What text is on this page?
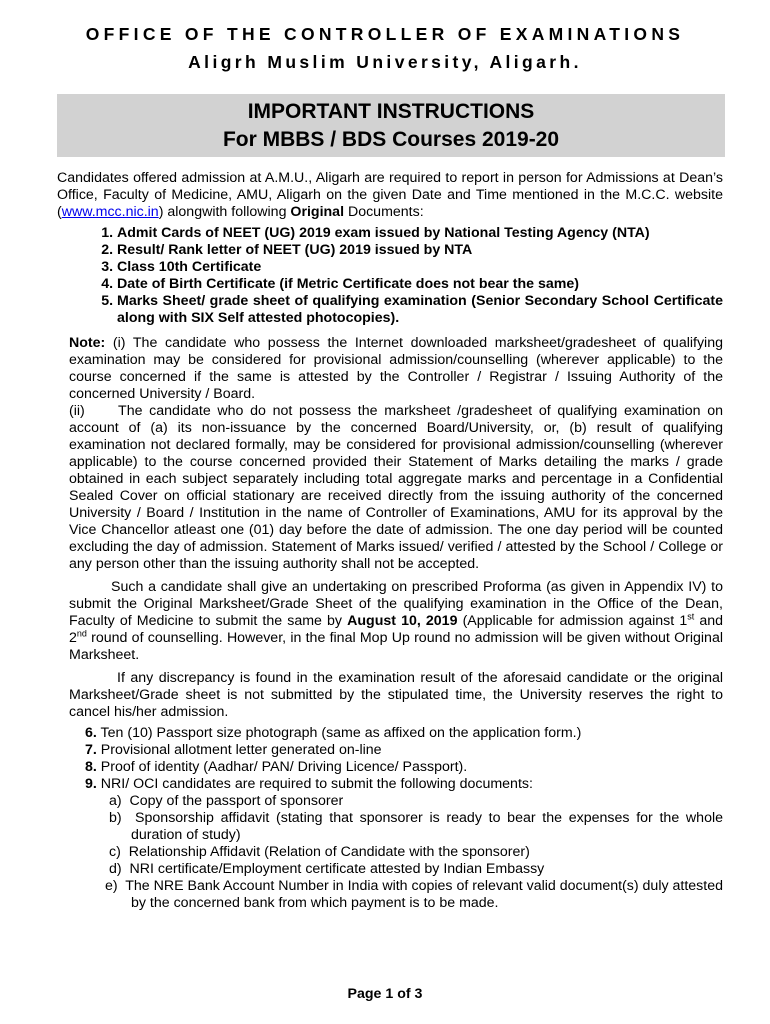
OFFICE OF THE CONTROLLER OF EXAMINATIONS
Aligrh Muslim University, Aligarh.
IMPORTANT INSTRUCTIONS
For MBBS / BDS Courses 2019-20

Candidates offered admission at A.M.U., Aligarh are required to report in person for Admissions at Dean’s Office, Faculty of Medicine, AMU, Aligarh on the given Date and Time mentioned in the M.C.C. website (www.mcc.nic.in) alongwith following Original Documents:

1. Admit Cards of NEET (UG) 2019 exam issued by National Testing Agency (NTA)
2. Result/ Rank letter of NEET (UG) 2019 issued by NTA
3. Class 10th Certificate
4. Date of Birth Certificate (if Metric Certificate does not bear the same)
5. Marks Sheet/ grade sheet of qualifying examination (Senior Secondary School Certificate along with SIX Self attested photocopies).

Note: (i) The candidate who possess the Internet downloaded marksheet/gradesheet of qualifying examination may be considered for provisional admission/counselling (wherever applicable) to the course concerned if the same is attested by the Controller / Registrar / Issuing Authority of the concerned University / Board.

(ii)     The candidate who do not possess the marksheet /gradesheet of qualifying examination on account of (a) its non-issuance by the concerned Board/University, or, (b) result of qualifying examination not declared formally, may be considered for provisional admission/counselling (wherever applicable) to the course concerned provided their Statement of Marks detailing the marks / grade obtained in each subject separately including total aggregate marks and percentage in a Confidential Sealed Cover on official stationary are received directly from the issuing authority of the concerned University / Board / Institution in the name of Controller of Examinations, AMU for its approval by the Vice Chancellor atleast one (01) day before the date of admission. The one day period will be counted excluding the day of admission. Statement of Marks issued/ verified / attested by the School / College or any person other than the issuing authority shall not be accepted.

Such a candidate shall give an undertaking on prescribed Proforma (as given in Appendix IV) to submit the Original Marksheet/Grade Sheet of the qualifying examination in the Office of the Dean, Faculty of Medicine to submit the same by August 10, 2019 (Applicable for admission against 1st and 2nd round of counselling. However, in the final Mop Up round no admission will be given without Original Marksheet.

If any discrepancy is found in the examination result of the aforesaid candidate or the original Marksheet/Grade sheet is not submitted by the stipulated time, the University reserves the right to cancel his/her admission.

6. Ten (10) Passport size photograph (same as affixed on the application form.)
7. Provisional allotment letter generated on-line
8. Proof of identity (Aadhar/ PAN/ Driving Licence/ Passport).
9. NRI/ OCI candidates are required to submit the following documents:
a)  Copy of the passport of sponsorer
b)  Sponsorship affidavit (stating that sponsorer is ready to bear the expenses for the whole duration of study)
c)  Relationship Affidavit (Relation of Candidate with the sponsorer)
d)  NRI certificate/Employment certificate attested by Indian Embassy
e)  The NRE Bank Account Number in India with copies of relevant valid document(s) duly attested by the concerned bank from which payment is to be made.
Page 1 of 3
